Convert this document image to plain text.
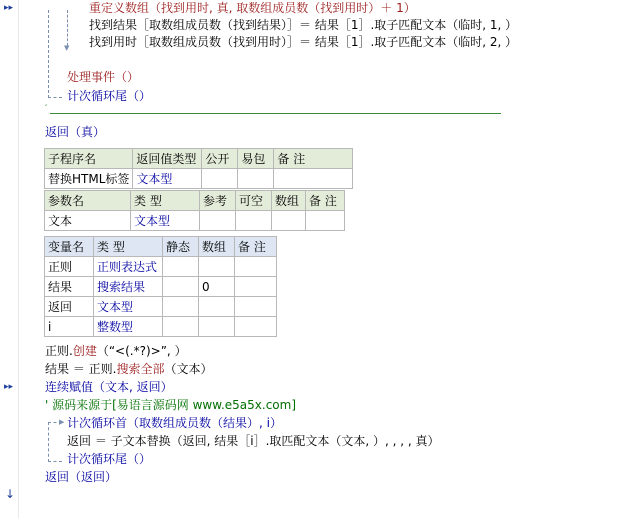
▸▸
▸▸
↓
▼
重定义数组（找到用时, 真, 取数组成员数（找到用时）＋ 1）
找到结果［取数组成员数（找到结果）］＝ 结果［1］.取子匹配文本（临时, 1, ）
找到用时［取数组成员数（找到用时）］＝ 结果［1］.取子匹配文本（临时, 2, ）
处理事件（）
计次循环尾（）
′
返回（真）
子程序名	返回值类型	公开	易包	备 注
替换HTML标签	文本型			
参数名	类 型	参考	可空	数组	备 注
文本	文本型				
变量名	类 型	静态	数组	备 注
正则	正则表达式			
结果	搜索结果		0	
返回	文本型			
i	整数型			
正则.创建（“<(.*?)>”, ）
结果 ＝ 正则.搜索全部（文本）
连续赋值（文本, 返回）
' 源码来源于[易语言源码网 www.e5a5x.com]
▶ 计次循环首（取数组成员数（结果）, i）
返回 ＝ 子文本替换（返回, 结果［i］.取匹配文本（文本, ）, , , , 真）
计次循环尾（）
返回（返回）
